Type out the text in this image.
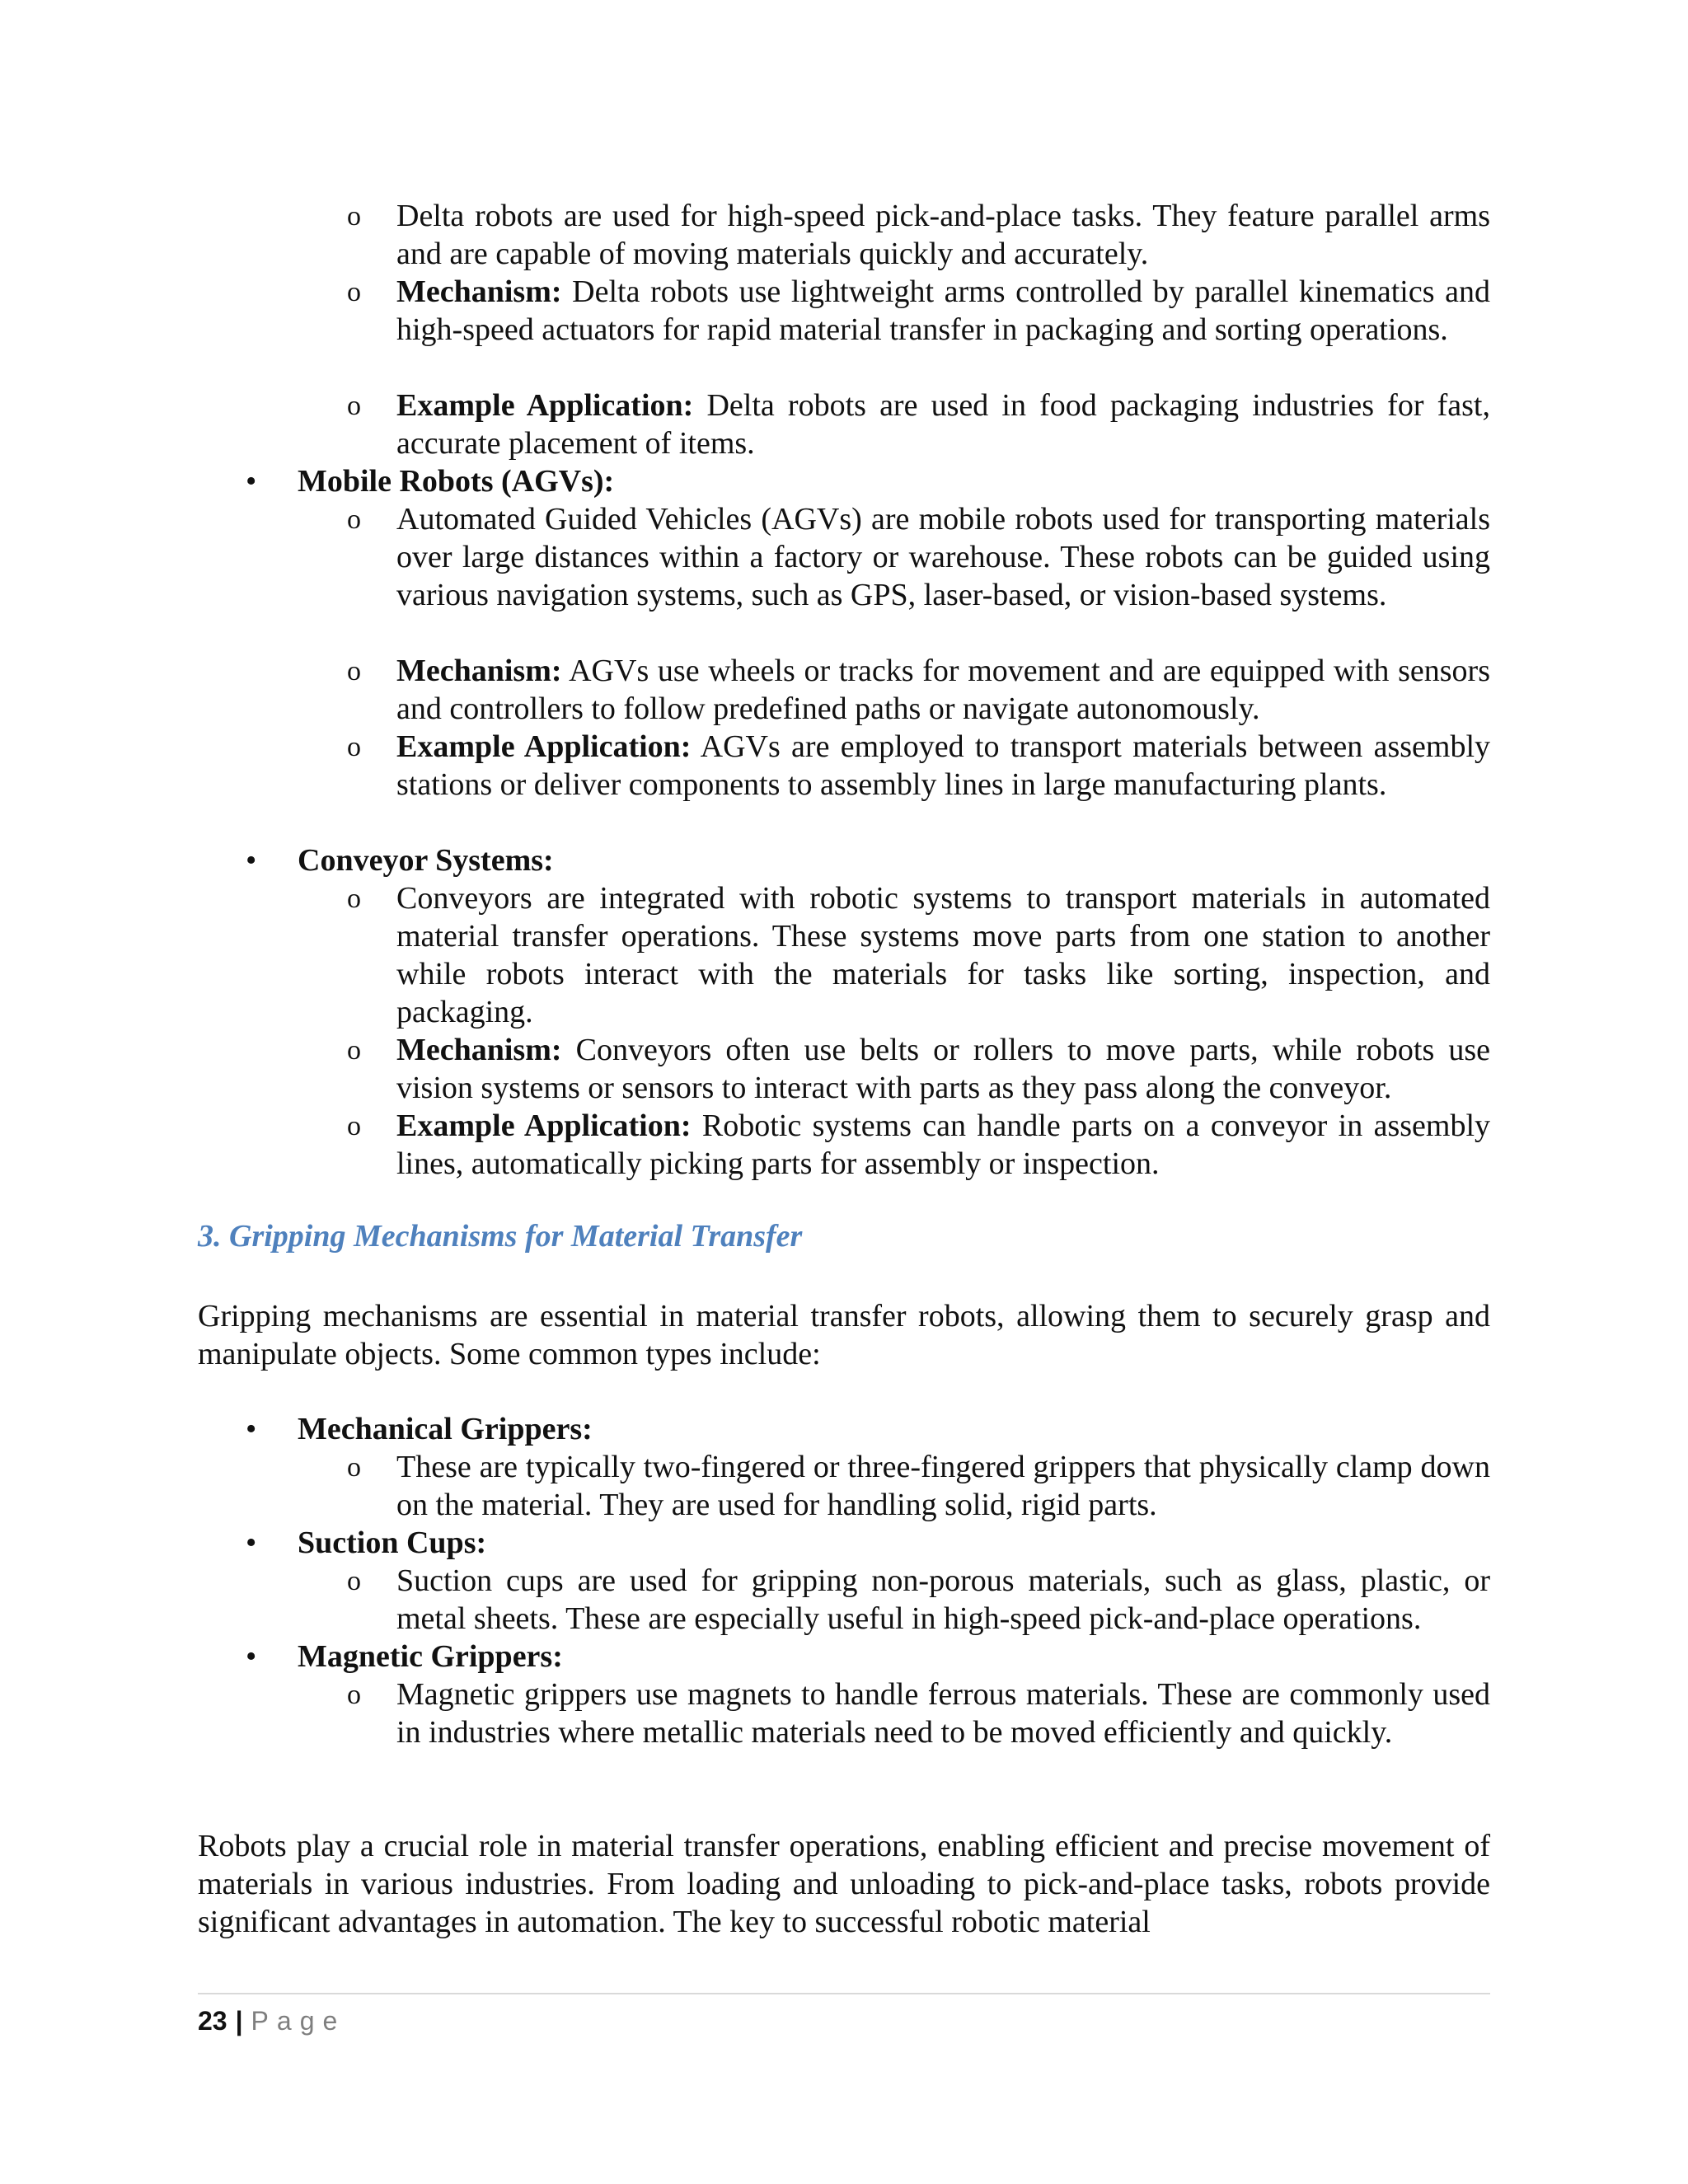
o Delta robots are used for high-speed pick-and-place tasks. They feature parallel arms and are capable of moving materials quickly and accurately.

o Mechanism: Delta robots use lightweight arms controlled by parallel kinematics and high-speed actuators for rapid material transfer in packaging and sorting operations.

o Example Application: Delta robots are used in food packaging industries for fast, accurate placement of items.

• Mobile Robots (AGVs):

o Automated Guided Vehicles (AGVs) are mobile robots used for transporting materials over large distances within a factory or warehouse. These robots can be guided using various navigation systems, such as GPS, laser-based, or vision-based systems.

o Mechanism: AGVs use wheels or tracks for movement and are equipped with sensors and controllers to follow predefined paths or navigate autonomously.

o Example Application: AGVs are employed to transport materials between assembly stations or deliver components to assembly lines in large manufacturing plants.

• Conveyor Systems:

o Conveyors are integrated with robotic systems to transport materials in automated material transfer operations. These systems move parts from one station to another while robots interact with the materials for tasks like sorting, inspection, and packaging.

o Mechanism: Conveyors often use belts or rollers to move parts, while robots use vision systems or sensors to interact with parts as they pass along the conveyor.

o Example Application: Robotic systems can handle parts on a conveyor in assembly lines, automatically picking parts for assembly or inspection.

3. Gripping Mechanisms for Material Transfer

Gripping mechanisms are essential in material transfer robots, allowing them to securely grasp and manipulate objects. Some common types include:

• Mechanical Grippers:

o These are typically two-fingered or three-fingered grippers that physically clamp down on the material. They are used for handling solid, rigid parts.

• Suction Cups:

o Suction cups are used for gripping non-porous materials, such as glass, plastic, or metal sheets. These are especially useful in high-speed pick-and-place operations.

• Magnetic Grippers:

o Magnetic grippers use magnets to handle ferrous materials. These are commonly used in industries where metallic materials need to be moved efficiently and quickly.

Robots play a crucial role in material transfer operations, enabling efficient and precise movement of materials in various industries. From loading and unloading to pick-and-place tasks, robots provide significant advantages in automation. The key to successful robotic material

23 | Page
